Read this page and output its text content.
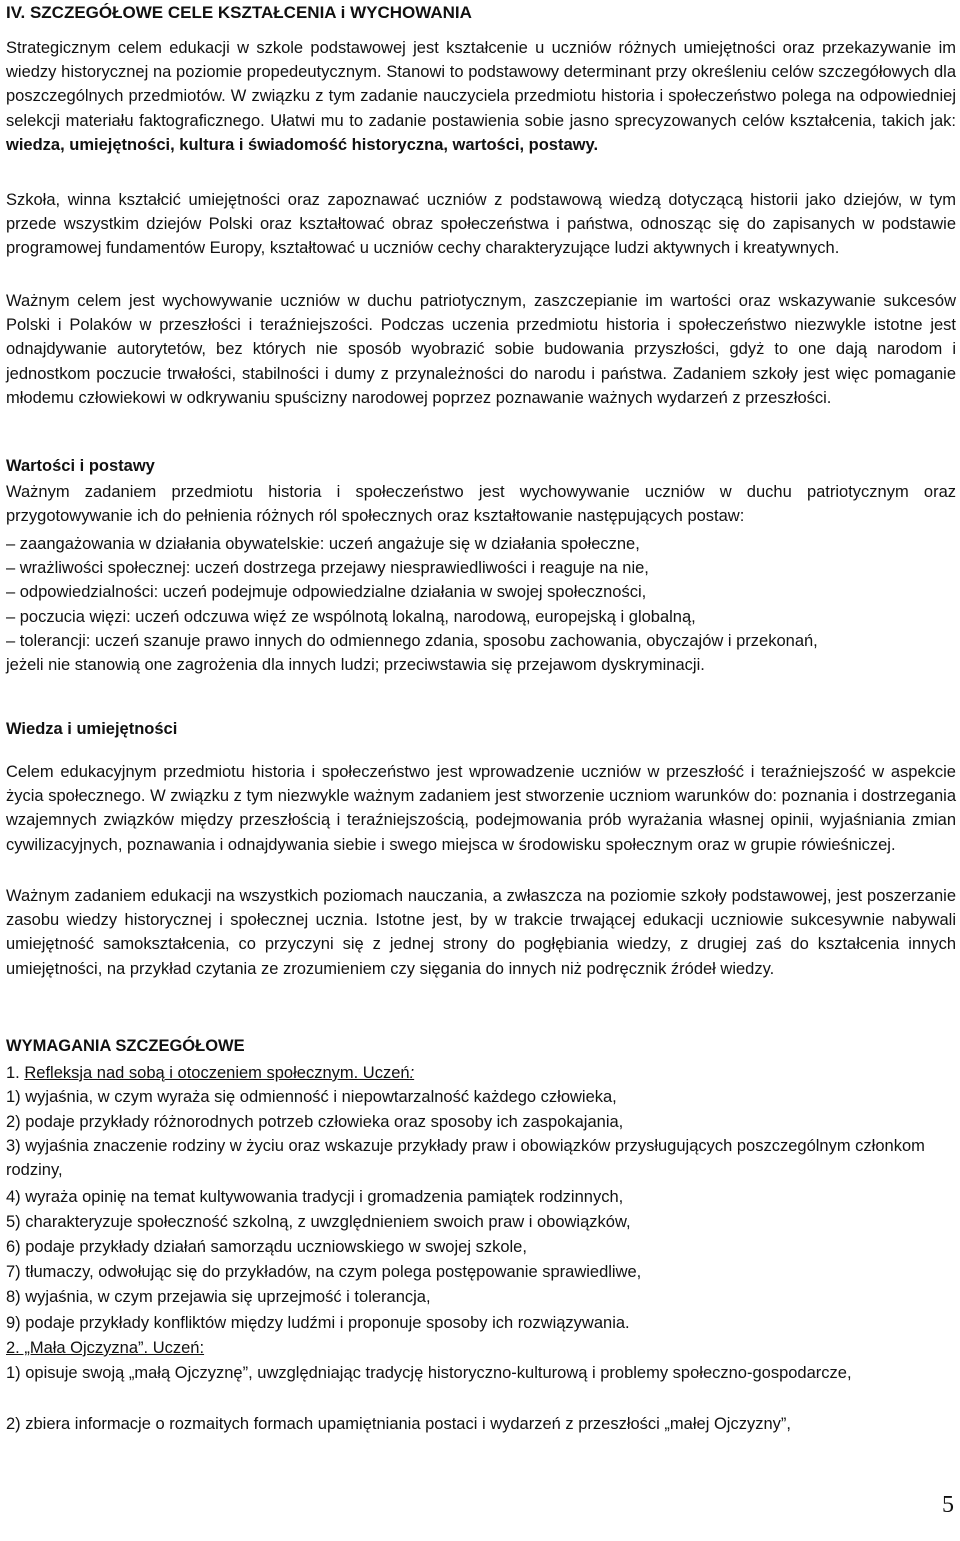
IV. SZCZEGÓŁOWE CELE KSZTAŁCENIA i WYCHOWANIA
Strategicznym celem edukacji w szkole podstawowej jest kształcenie u uczniów różnych umiejętności oraz przekazywanie im wiedzy historycznej na poziomie propedeutycznym. Stanowi to podstawowy determinant przy określeniu celów szczegółowych dla poszczególnych przedmiotów. W związku z tym zadanie nauczyciela przedmiotu historia i społeczeństwo polega na odpowiedniej selekcji materiału faktograficznego. Ułatwi mu to zadanie postawienia sobie jasno sprecyzowanych celów kształcenia, takich jak: wiedza, umiejętności, kultura i świadomość historyczna, wartości, postawy.
Szkoła, winna kształcić umiejętności oraz zapoznawać uczniów z podstawową wiedzą dotyczącą historii jako dziejów, w tym przede wszystkim dziejów Polski oraz kształtować obraz społeczeństwa i państwa, odnosząc się do zapisanych w podstawie programowej fundamentów Europy, kształtować u uczniów cechy charakteryzujące ludzi aktywnych i kreatywnych.
Ważnym celem jest wychowywanie uczniów w duchu patriotycznym, zaszczepianie im wartości oraz wskazywanie sukcesów Polski i Polaków w przeszłości i teraźniejszości. Podczas uczenia przedmiotu historia i społeczeństwo niezwykle istotne jest odnajdywanie autorytetów, bez których nie sposób wyobrazić sobie budowania przyszłości, gdyż to one dają narodom i jednostkom poczucie trwałości, stabilności i dumy z przynależności do narodu i państwa. Zadaniem szkoły jest więc pomaganie młodemu człowiekowi w odkrywaniu spuścizny narodowej poprzez poznawanie ważnych wydarzeń z przeszłości.
Wartości i postawy
Ważnym zadaniem przedmiotu historia i społeczeństwo jest wychowywanie uczniów w duchu patriotycznym oraz przygotowywanie ich do pełnienia różnych ról społecznych oraz kształtowanie następujących postaw:
– zaangażowania w działania obywatelskie: uczeń angażuje się w działania społeczne,
– wrażliwości społecznej: uczeń dostrzega przejawy niesprawiedliwości i reaguje na nie,
– odpowiedzialności: uczeń podejmuje odpowiedzialne działania w swojej społeczności,
– poczucia więzi: uczeń odczuwa więź ze wspólnotą lokalną, narodową, europejską i globalną,
– tolerancji: uczeń szanuje prawo innych do odmiennego zdania, sposobu zachowania, obyczajów i przekonań,
jeżeli nie stanowią one zagrożenia dla innych ludzi; przeciwstawia się przejawom dyskryminacji.
Wiedza i umiejętności
Celem edukacyjnym przedmiotu historia i społeczeństwo jest wprowadzenie uczniów w przeszłość i teraźniejszość w aspekcie życia społecznego. W związku z tym niezwykle ważnym zadaniem jest stworzenie uczniom warunków do: poznania i dostrzegania wzajemnych związków między przeszłością i teraźniejszością, podejmowania prób wyrażania własnej opinii, wyjaśniania zmian cywilizacyjnych, poznawania i odnajdywania siebie i swego miejsca w środowisku społecznym oraz w grupie rówieśniczej.
Ważnym zadaniem edukacji na wszystkich poziomach nauczania, a zwłaszcza na poziomie szkoły podstawowej, jest poszerzanie zasobu wiedzy historycznej i społecznej ucznia. Istotne jest, by w trakcie trwającej edukacji uczniowie sukcesywnie nabywali umiejętność samokształcenia, co przyczyni się z jednej strony do pogłębiania wiedzy, z drugiej zaś do kształcenia innych umiejętności, na przykład czytania ze zrozumieniem czy sięgania do innych niż podręcznik źródeł wiedzy.
WYMAGANIA SZCZEGÓŁOWE
1. Refleksja nad sobą i otoczeniem społecznym. Uczeń:
1) wyjaśnia, w czym wyraża się odmienność i niepowtarzalność każdego człowieka,
2) podaje przykłady różnorodnych potrzeb człowieka oraz sposoby ich zaspokajania,
3) wyjaśnia znaczenie rodziny w życiu oraz wskazuje przykłady praw i obowiązków przysługujących poszczególnym członkom rodziny,
4) wyraża opinię na temat kultywowania tradycji i gromadzenia pamiątek rodzinnych,
5) charakteryzuje społeczność szkolną, z uwzględnieniem swoich praw i obowiązków,
6) podaje przykłady działań samorządu uczniowskiego w swojej szkole,
7) tłumaczy, odwołując się do przykładów, na czym polega postępowanie sprawiedliwe,
8) wyjaśnia, w czym przejawia się uprzejmość i tolerancja,
9) podaje przykłady konfliktów między ludźmi i proponuje sposoby ich rozwiązywania.
2. „Mała Ojczyzna”. Uczeń:
1) opisuje swoją „małą Ojczyznę”, uwzględniając tradycję historyczno-kulturową i problemy społeczno-gospodarcze,
2) zbiera informacje o rozmaitych formach upamiętniania postaci i wydarzeń z przeszłości „małej Ojczyzny”,
5
